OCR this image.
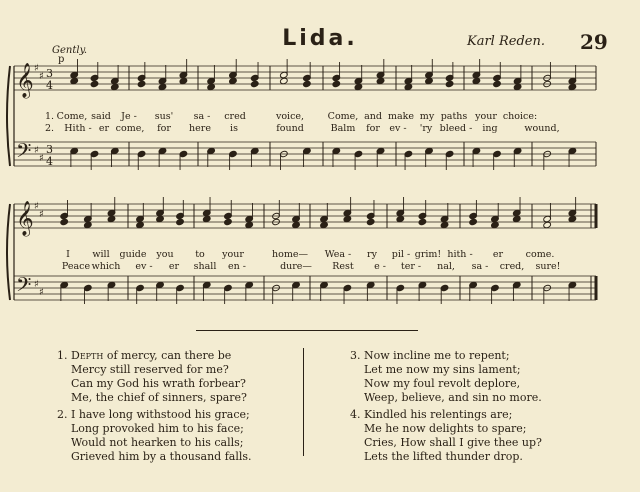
Lida.	Karl Reden. 29
Gently.
𝄞
𝄢
♯
♯
♯
♯
3
4
3
4
p
𝄞
𝄢
♯
♯
♯
♯
1. Come, said Je - sus' sa - cred	voice, Come, and make my paths your choice:
2. Hith - er come, for here is	found	Balm for ev - 'ry bleed - ing	wound,
I will guide you to your	home— Wea - ry pil - grim! hith - er come.
Peace which ev - er shall en -	dure— Rest e - ter - nal, sa - cred, sure!
1. Depth of mercy, can there be
Mercy still reserved for me?
Can my God his wrath forbear?
Me, the chief of sinners, spare?
2. I have long withstood his grace;
Long provoked him to his face;
Would not hearken to his calls;
Grieved him by a thousand falls.
3. Now incline me to repent;
Let me now my sins lament;
Now my foul revolt deplore,
Weep, believe, and sin no more.
4. Kindled his relentings are;
Me he now delights to spare;
Cries, How shall I give thee up?
Lets the lifted thunder drop.
